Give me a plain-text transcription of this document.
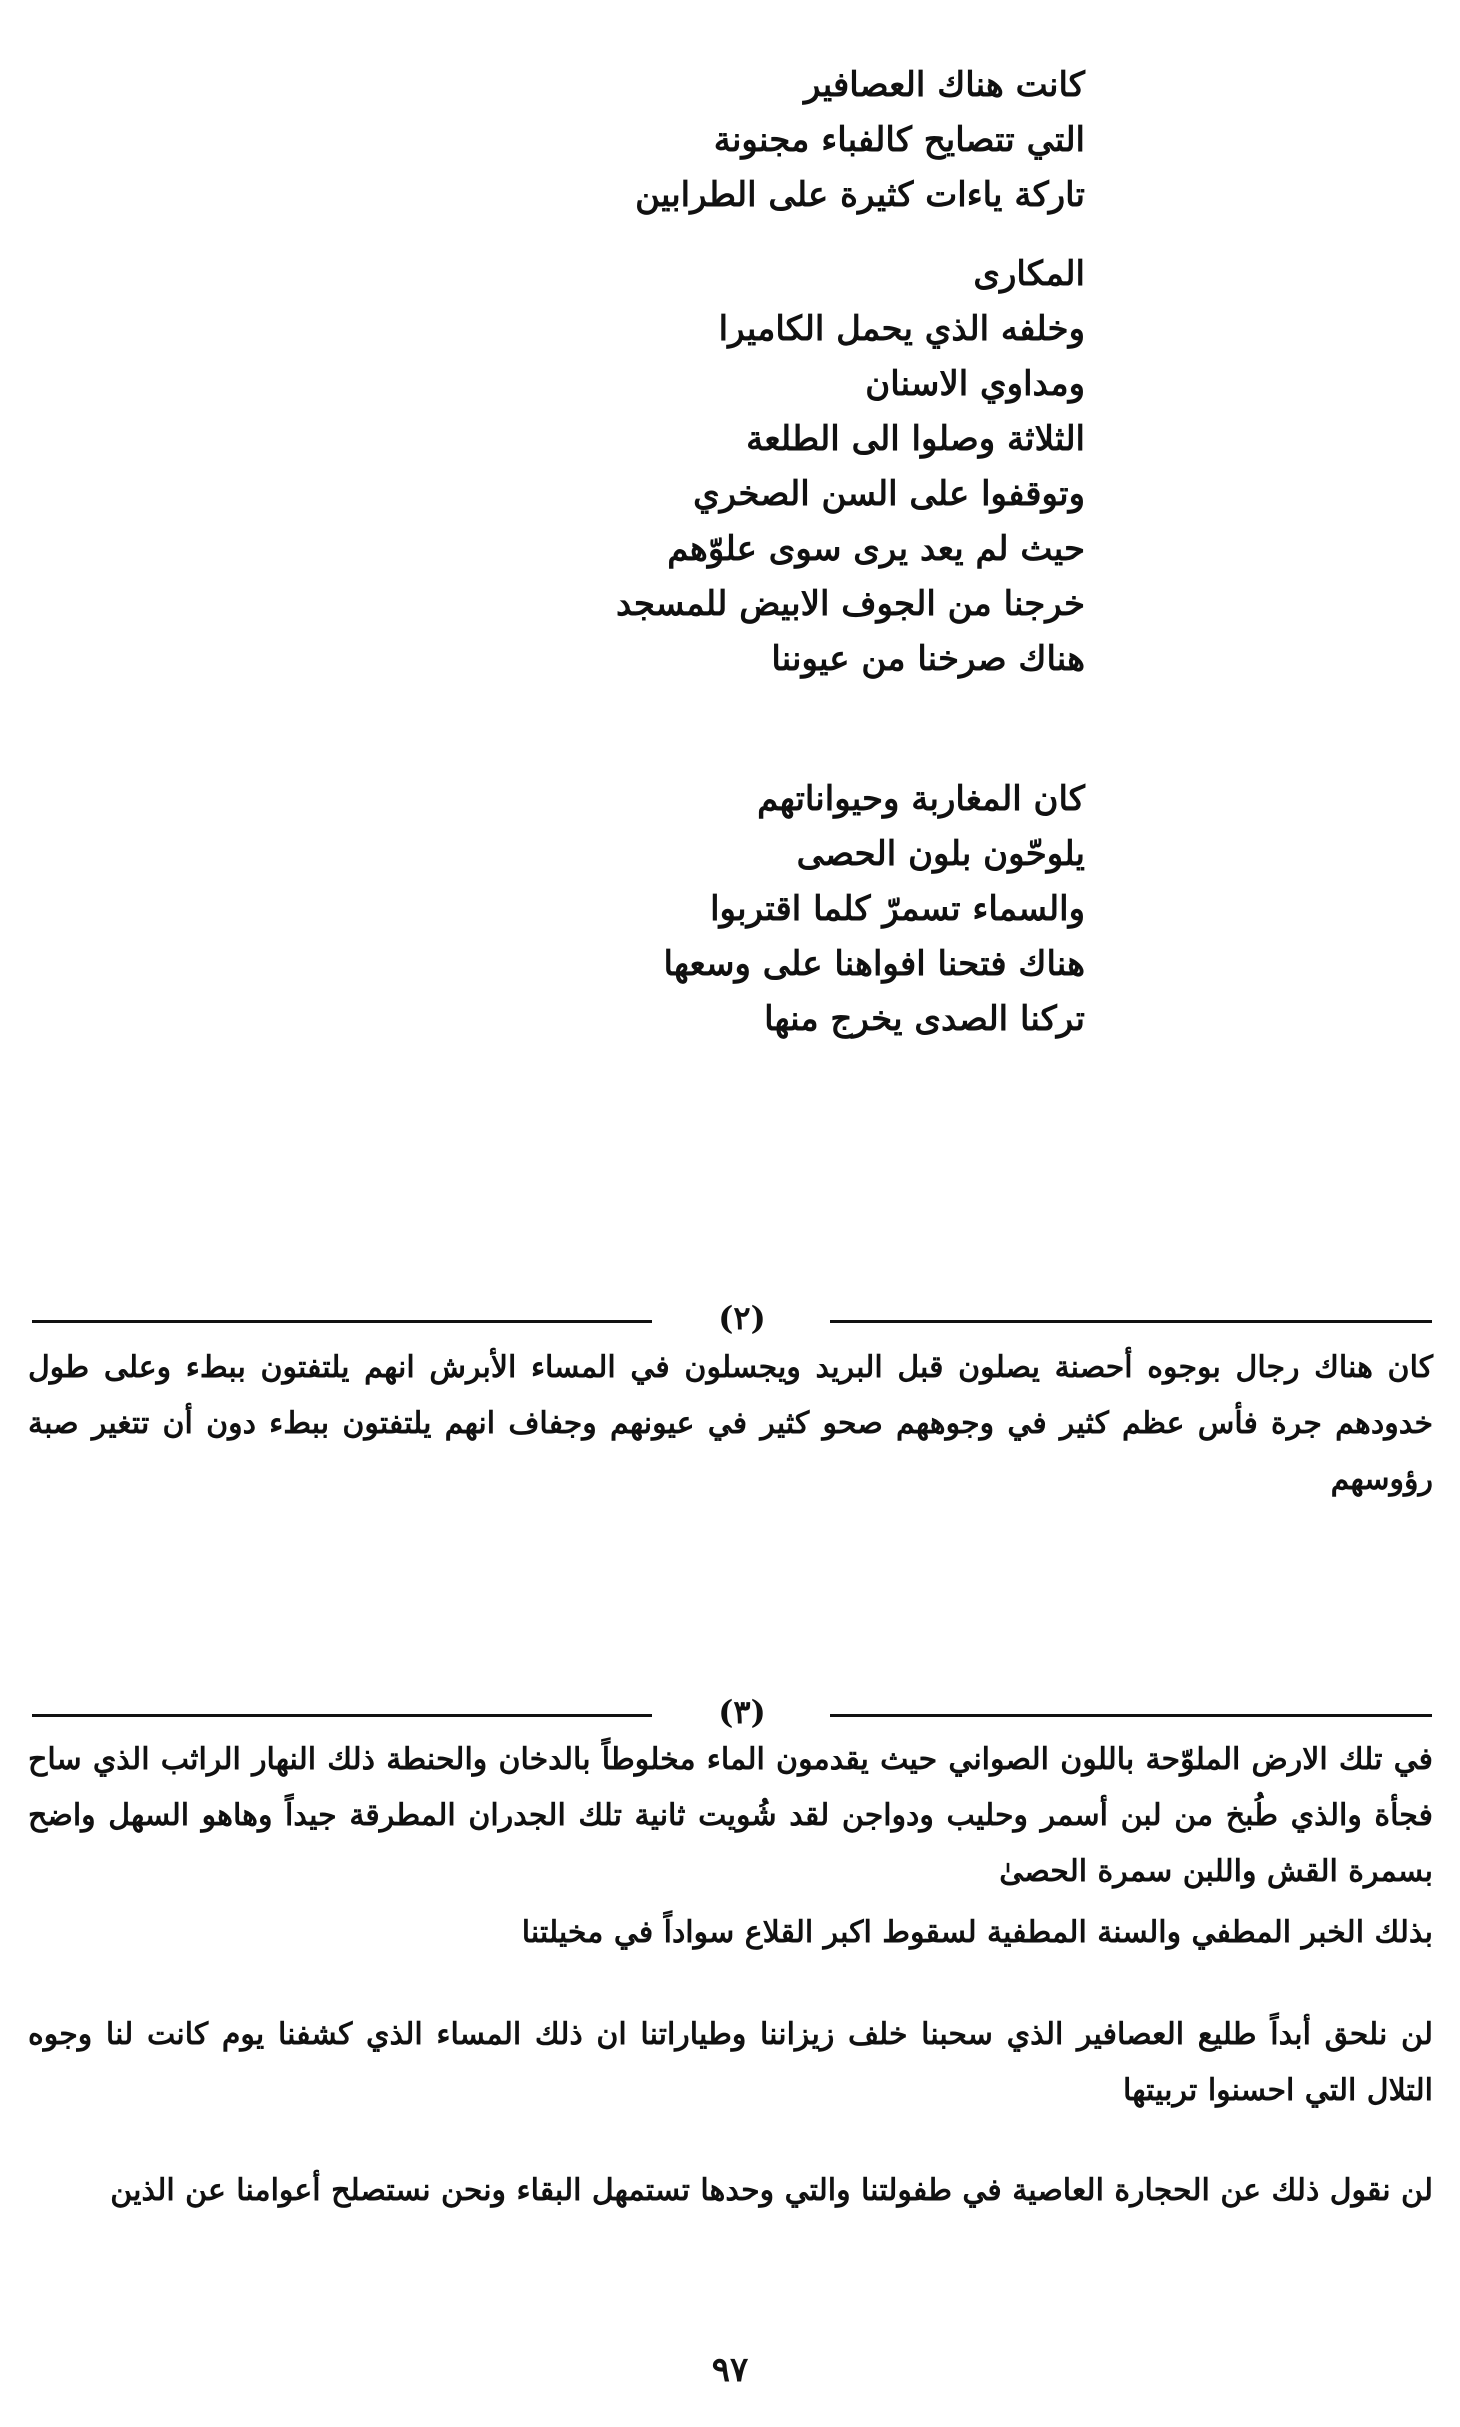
كانت هناك العصافير
التي تتصايح كالفباء مجنونة
تاركة ياءات كثيرة على الطرابين
المكارى
وخلفه الذي يحمل الكاميرا
ومداوي الاسنان
الثلاثة وصلوا الى الطلعة
وتوقفوا على السن الصخري
حيث لم يعد يرى سوى علوّهم
خرجنا من الجوف الابيض للمسجد
هناك صرخنا من عيوننا
كان المغاربة وحيواناتهم
يلوحّون بلون الحصى
والسماء تسمرّ كلما اقتربوا
هناك فتحنا افواهنا على وسعها
تركنا الصدى يخرج منها
(٢)
كان هناك رجال بوجوه أحصنة يصلون قبل البريد ويجسلون في المساء الأبرش انهم يلتفتون ببطء وعلى طول خدودهم جرة فأس عظم كثير في وجوههم صحو كثير في عيونهم وجفاف انهم يلتفتون ببطء دون أن تتغير صبة رؤوسهم
(٣)
في تلك الارض الملوّحة باللون الصواني حيث يقدمون الماء مخلوطاً بالدخان والحنطة ذلك النهار الراثب الذي ساح فجأة والذي طُبخ من لبن أسمر وحليب ودواجن لقد شُويت ثانية تلك الجدران المطرقة جيداً وهاهو السهل واضح بسمرة القش واللبن سمرة الحصىٰ
بذلك الخبر المطفي والسنة المطفية لسقوط اكبر القلاع سواداً في مخيلتنا
لن نلحق أبداً طليع العصافير الذي سحبنا خلف زيزاننا وطياراتنا ان ذلك المساء الذي كشفنا يوم كانت لنا وجوه التلال التي احسنوا تربيتها
لن نقول ذلك عن الحجارة العاصية في طفولتنا والتي وحدها تستمهل البقاء ونحن نستصلح أعوامنا عن الذين
٩٧
